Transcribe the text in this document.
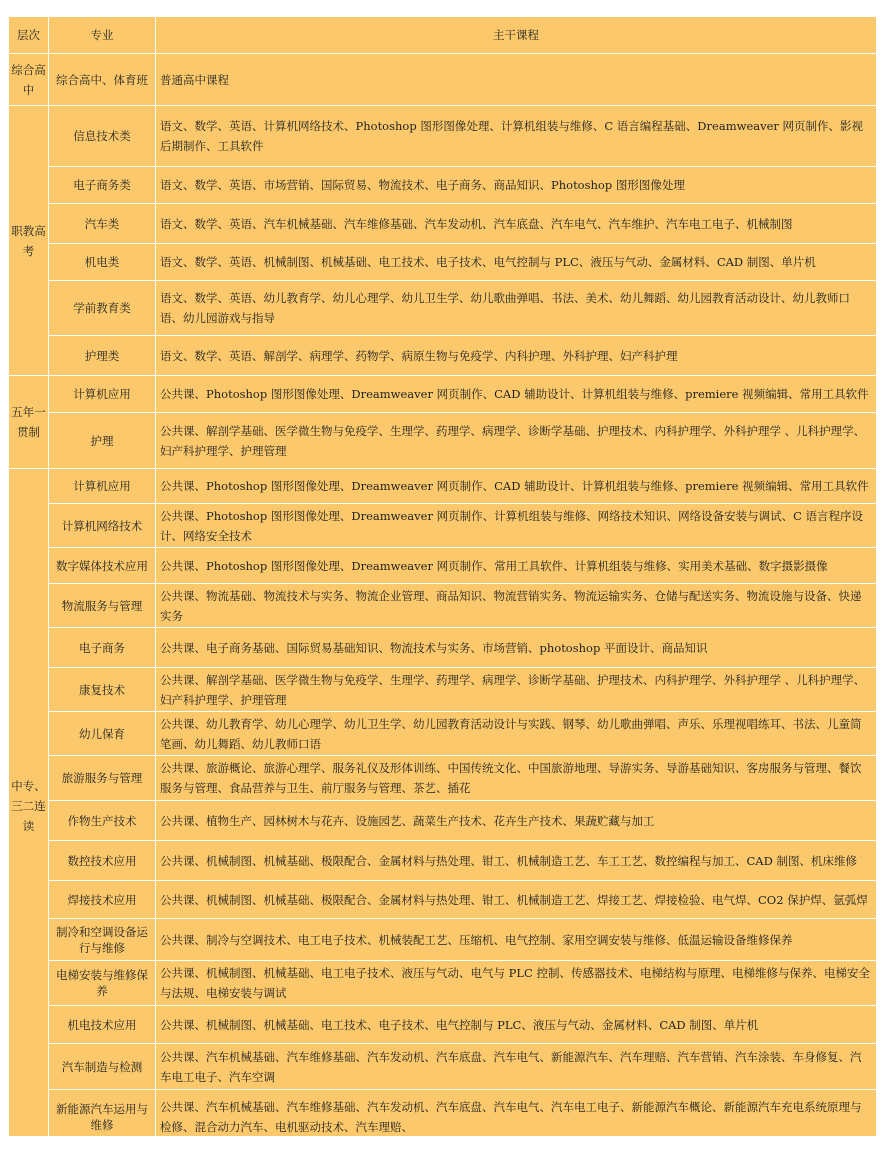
层次	专业	主干课程
综合高中	综合高中、体育班	普通高中课程
职教高考	信息技术类	语文、数学、英语、计算机网络技术、Photoshop 图形图像处理、计算机组装与维修、C 语言编程基础、Dreamweaver 网页制作、影视后期制作、工具软件
	电子商务类	语文、数学、英语、市场营销、国际贸易、物流技术、电子商务、商品知识、Photoshop 图形图像处理
	汽车类	语文、数学、英语、汽车机械基础、汽车维修基础、汽车发动机、汽车底盘、汽车电气、汽车维护、汽车电工电子、机械制图
	机电类	语文、数学、英语、机械制图、机械基础、电工技术、电子技术、电气控制与 PLC、液压与气动、金属材料、CAD 制图、单片机
	学前教育类	语文、数学、英语、幼儿教育学、幼儿心理学、幼儿卫生学、幼儿歌曲弹唱、书法、美术、幼儿舞蹈、幼儿园教育活动设计、幼儿教师口语、幼儿园游戏与指导
	护理类	语文、数学、英语、解剖学、病理学、药物学、病原生物与免疫学、内科护理、外科护理、妇产科护理
五年一贯制	计算机应用	公共课、Photoshop 图形图像处理、Dreamweaver 网页制作、CAD 辅助设计、计算机组装与维修、premiere 视频编辑、常用工具软件
	护理	公共课、解剖学基础、医学微生物与免疫学、生理学、药理学、病理学、诊断学基础、护理技术、内科护理学、外科护理学 、儿科护理学、妇产科护理学、护理管理
中专、三二连读	计算机应用	公共课、Photoshop 图形图像处理、Dreamweaver 网页制作、CAD 辅助设计、计算机组装与维修、premiere 视频编辑、常用工具软件
	计算机网络技术	公共课、Photoshop 图形图像处理、Dreamweaver 网页制作、计算机组装与维修、网络技术知识、网络设备安装与调试、C 语言程序设计、网络安全技术
	数字媒体技术应用	公共课、Photoshop 图形图像处理、Dreamweaver 网页制作、常用工具软件、计算机组装与维修、实用美术基础、数字摄影摄像
	物流服务与管理	公共课、物流基础、物流技术与实务、物流企业管理、商品知识、物流营销实务、物流运输实务、仓储与配送实务、物流设施与设备、快递实务
	电子商务	公共课、电子商务基础、国际贸易基础知识、物流技术与实务、市场营销、photoshop 平面设计、商品知识
	康复技术	公共课、解剖学基础、医学微生物与免疫学、生理学、药理学、病理学、诊断学基础、护理技术、内科护理学、外科护理学 、儿科护理学、妇产科护理学、护理管理
	幼儿保育	公共课、幼儿教育学、幼儿心理学、幼儿卫生学、幼儿园教育活动设计与实践、钢琴、幼儿歌曲弹唱、声乐、乐理视唱练耳、书法、儿童简笔画、幼儿舞蹈、幼儿教师口语
	旅游服务与管理	公共课、旅游概论、旅游心理学、服务礼仪及形体训练、中国传统文化、中国旅游地理、导游实务、导游基础知识、客房服务与管理、餐饮服务与管理、食品营养与卫生、前厅服务与管理、茶艺、插花
	作物生产技术	公共课、植物生产、园林树木与花卉、设施园艺、蔬菜生产技术、花卉生产技术、果蔬贮藏与加工
	数控技术应用	公共课、机械制图、机械基础、极限配合、金属材料与热处理、钳工、机械制造工艺、车工工艺、数控编程与加工、CAD 制图、机床维修
	焊接技术应用	公共课、机械制图、机械基础、极限配合、金属材料与热处理、钳工、机械制造工艺、焊接工艺、焊接检验、电气焊、CO2 保护焊、氩弧焊
	制冷和空调设备运行与维修	公共课、制冷与空调技术、电工电子技术、机械装配工艺、压缩机、电气控制、家用空调安装与维修、低温运输设备维修保养
	电梯安装与维修保养	公共课、机械制图、机械基础、电工电子技术、液压与气动、电气与 PLC 控制、传感器技术、电梯结构与原理、电梯维修与保养、电梯安全与法规、电梯安装与调试
	机电技术应用	公共课、机械制图、机械基础、电工技术、电子技术、电气控制与 PLC、液压与气动、金属材料、CAD 制图、单片机
	汽车制造与检测	公共课、汽车机械基础、汽车维修基础、汽车发动机、汽车底盘、汽车电气、新能源汽车、汽车理赔、汽车营销、汽车涂装、车身修复、汽车电工电子、汽车空调
	新能源汽车运用与维修	公共课、汽车机械基础、汽车维修基础、汽车发动机、汽车底盘、汽车电气、汽车电工电子、新能源汽车概论、新能源汽车充电系统原理与检修、混合动力汽车、电机驱动技术、汽车理赔、
